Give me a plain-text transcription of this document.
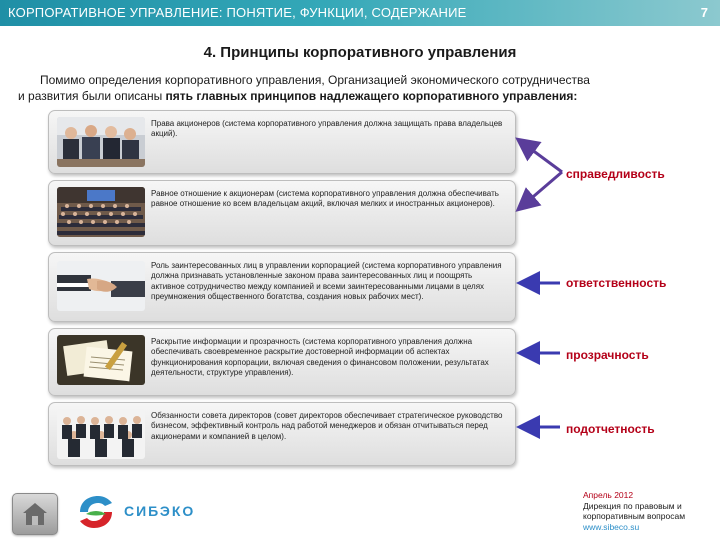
КОРПОРАТИВНОЕ УПРАВЛЕНИЕ: ПОНЯТИЕ, ФУНКЦИИ, СОДЕРЖАНИЕ	7
4. Принципы корпоративного управления
Помимо определения корпоративного управления, Организацией экономического сотрудничества
и развития были описаны пять главных принципов надлежащего корпоративного управления:
Права акционеров (система корпоративного управления должна защищать права владельцев акций).
Равное отношение к акционерам (система корпоративного управления должна обеспечивать равное отношение ко всем владельцам акций, включая мелких и иностранных акционеров).
Роль заинтересованных лиц в управлении корпорацией (система корпоративного управления должна признавать установленные законом права заинтересованных лиц и поощрять активное сотрудничество между компанией и всеми заинтересованными лицами в целях преумножения общественного богатства, создания новых рабочих мест).
Раскрытие информации и прозрачность (система корпоративного управления должна обеспечивать своевременное раскрытие достоверной информации об аспектах функционирования корпорации, включая сведения о финансовом положении, результатах деятельности, структуре управления).
Обязанности совета директоров (совет директоров обеспечивает стратегическое руководство бизнесом, эффективный контроль над работой менеджеров и обязан отчитываться перед акционерами и компанией в целом).
справедливость
ответственность
прозрачность
подотчетность
СИБЭКО
Апрель 2012
Дирекция по правовым и
корпоративным вопросам
www.sibeco.su
